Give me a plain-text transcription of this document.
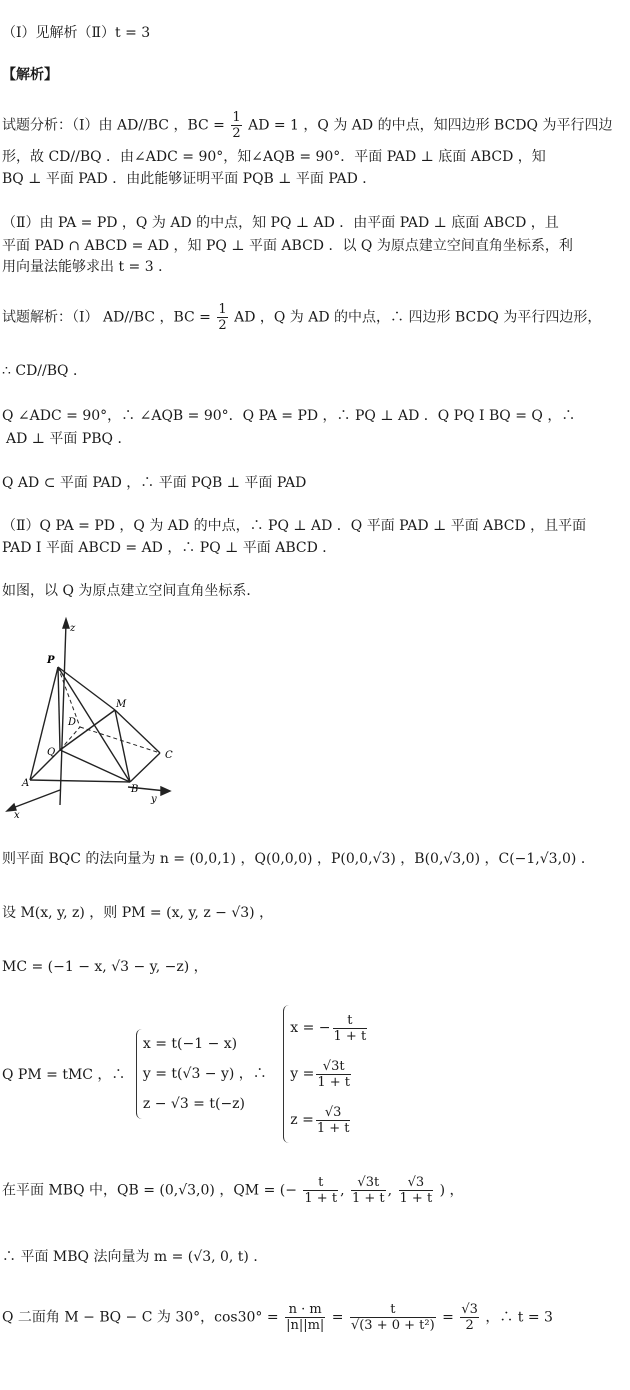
（Ⅰ）见解析（Ⅱ）t = 3
【解析】
试题分析：（Ⅰ）由 AD//BC ，BC = $\frac{1}{2}$ AD = 1 ，Q 为 AD 的中点，知四边形 BCDQ 为平行四边
形，故 CD//BQ ．由∠ADC = 90°，知∠AQB = 90°．平面 PAD ⊥ 底面 ABCD ，知
BQ ⊥ 平面 PAD ．由此能够证明平面 PQB ⊥ 平面 PAD ．
（Ⅱ）由 PA = PD ，Q 为 AD 的中点，知 PQ ⊥ AD ．由平面 PAD ⊥ 底面 ABCD ，且
平面 PAD ∩ ABCD = AD ，知 PQ ⊥ 平面 ABCD ．以 Q 为原点建立空间直角坐标系，利
用向量法能够求出 t = 3 ．
试题解析：（Ⅰ） AD//BC ，BC = $\frac{1}{2}$ AD ，Q 为 AD 的中点，∴ 四边形 BCDQ 为平行四边形，
∴ CD//BQ ．
Q ∠ADC = 90°，∴ ∠AQB = 90°．Q PA = PD ，∴ PQ ⊥ AD ．Q PQ I BQ = Q ，∴
AD ⊥ 平面 PBQ ．
Q AD ⊂ 平面 PAD ，∴ 平面 PQB ⊥ 平面 PAD
（Ⅱ）Q PA = PD ，Q 为 AD 的中点，∴ PQ ⊥ AD ．Q 平面 PAD ⊥ 平面 ABCD ，且平面
PAD I 平面 ABCD = AD ，∴ PQ ⊥ 平面 ABCD ．
如图，以 Q 为原点建立空间直角坐标系．
z
P
M
D
Q	C
A
B
y
x
则平面 BQC 的法向量为 n = (0,0,1) ，Q(0,0,0) ，P(0,0,√3) ，B(0,√3,0) ，C(−1,√3,0) ．
设 M(x, y, z) ，则 PM = (x, y, z − √3) ，
MC = (−1 − x, √3 − y, −z) ，
Q PM = tMC ，∴
x = t(−1 − x)
y = t(√3 − y) ，∴
z − √3 = t(−z)

x = − $\frac{t}{1 + t}$
$y = \frac{√3t}{1 + t}$
$z = \frac{√3}{1 + t}$
在平面 MBQ 中，QB = (0,√3,0) ，QM = (− $\frac{t}{1 + t}$ , $\frac{√3t}{1 + t}$ , $\frac{√3}{1 + t}$ ) ，
∴ 平面 MBQ 法向量为 m = (√3, 0, t) ．
Q 二面角 M − BQ − C 为 30°，$\cos 30^\circ = \frac{n \cdot m}{|n||m|} = \frac{t}{\text{√(3 + 0 + t²)}} = \frac{√3}{2}$ ，∴ t = 3
